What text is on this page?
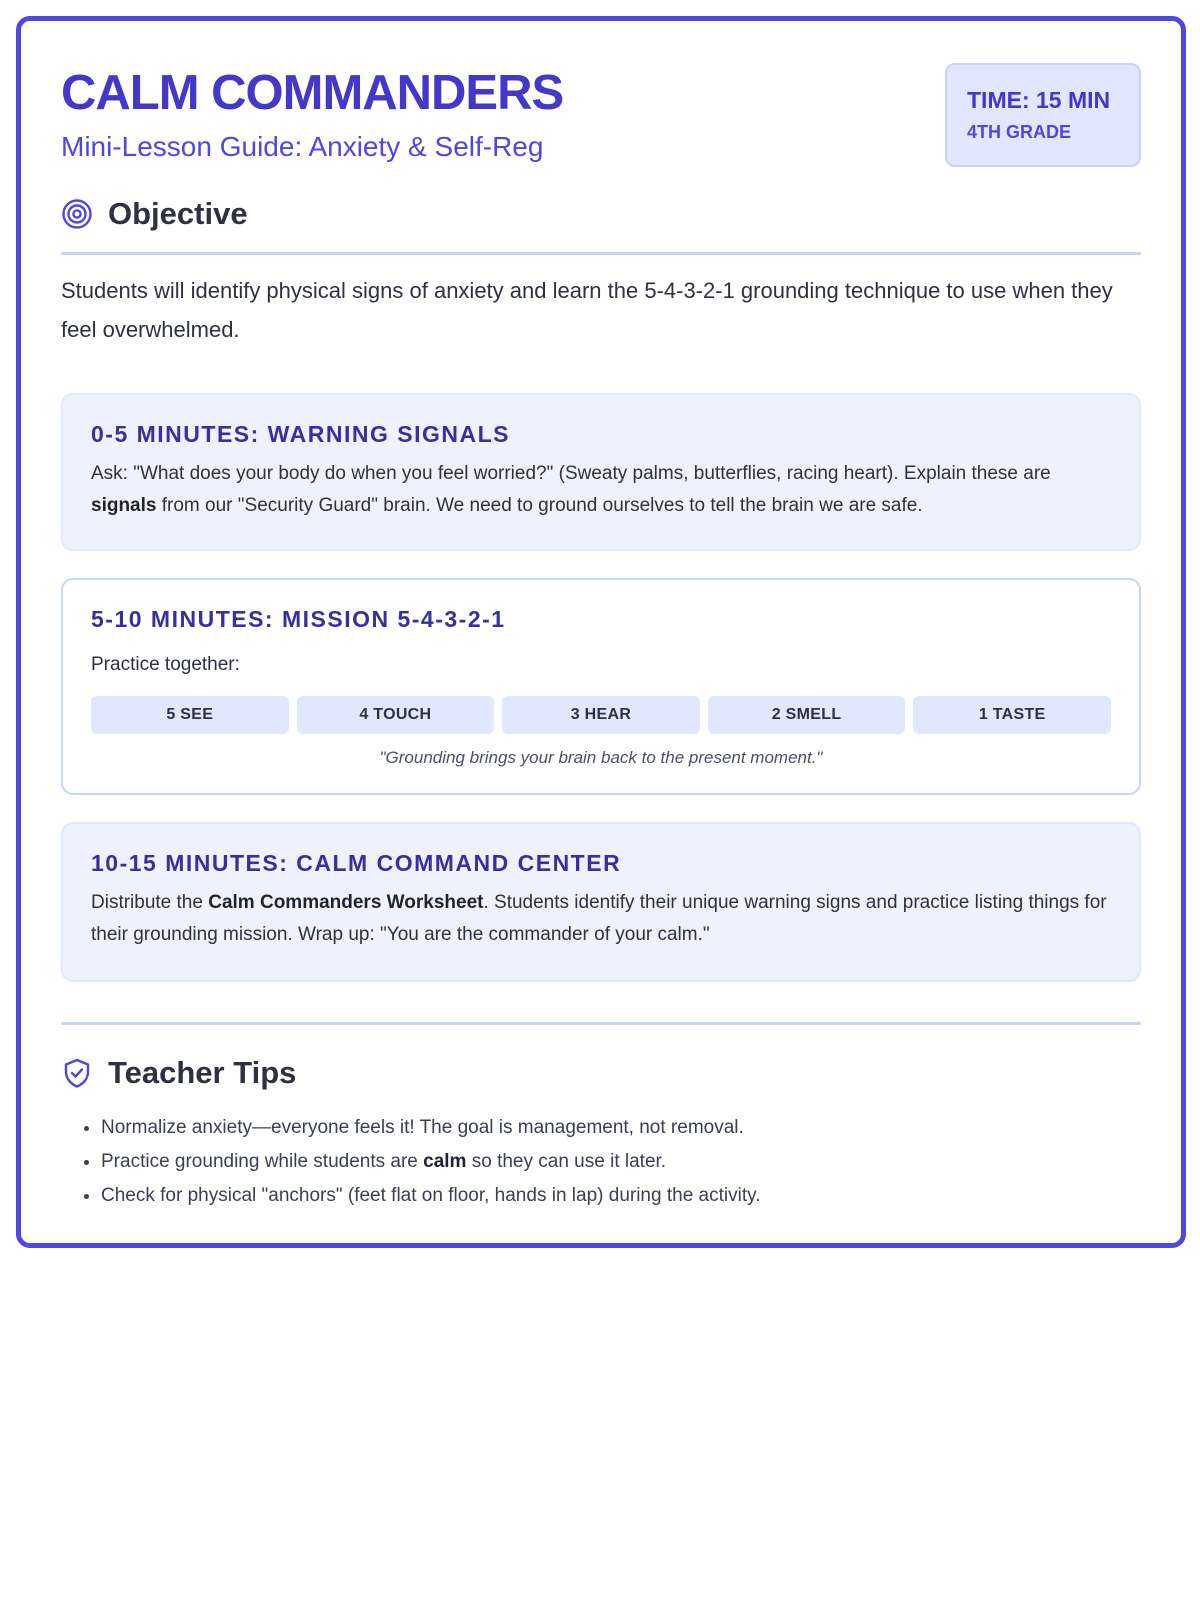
CALM COMMANDERS
Mini-Lesson Guide: Anxiety & Self-Reg
TIME: 15 MIN
4TH GRADE
Objective

Students will identify physical signs of anxiety and learn the 5-4-3-2-1 grounding technique to use when they feel overwhelmed.

0-5 MINUTES: WARNING SIGNALS

Ask: "What does your body do when you feel worried?" (Sweaty palms, butterflies, racing heart). Explain these are signals from our "Security Guard" brain. We need to ground ourselves to tell the brain we are safe.

5-10 MINUTES: MISSION 5-4-3-2-1

Practice together:

5 SEE	4 TOUCH	3 HEAR	2 SMELL	1 TASTE

"Grounding brings your brain back to the present moment."

10-15 MINUTES: CALM COMMAND CENTER

Distribute the Calm Commanders Worksheet. Students identify their unique warning signs and practice listing things for their grounding mission. Wrap up: "You are the commander of your calm."

Teacher Tips
• Normalize anxiety—everyone feels it! The goal is management, not removal.
• Practice grounding while students are calm so they can use it later.
• Check for physical "anchors" (feet flat on floor, hands in lap) during the activity.
